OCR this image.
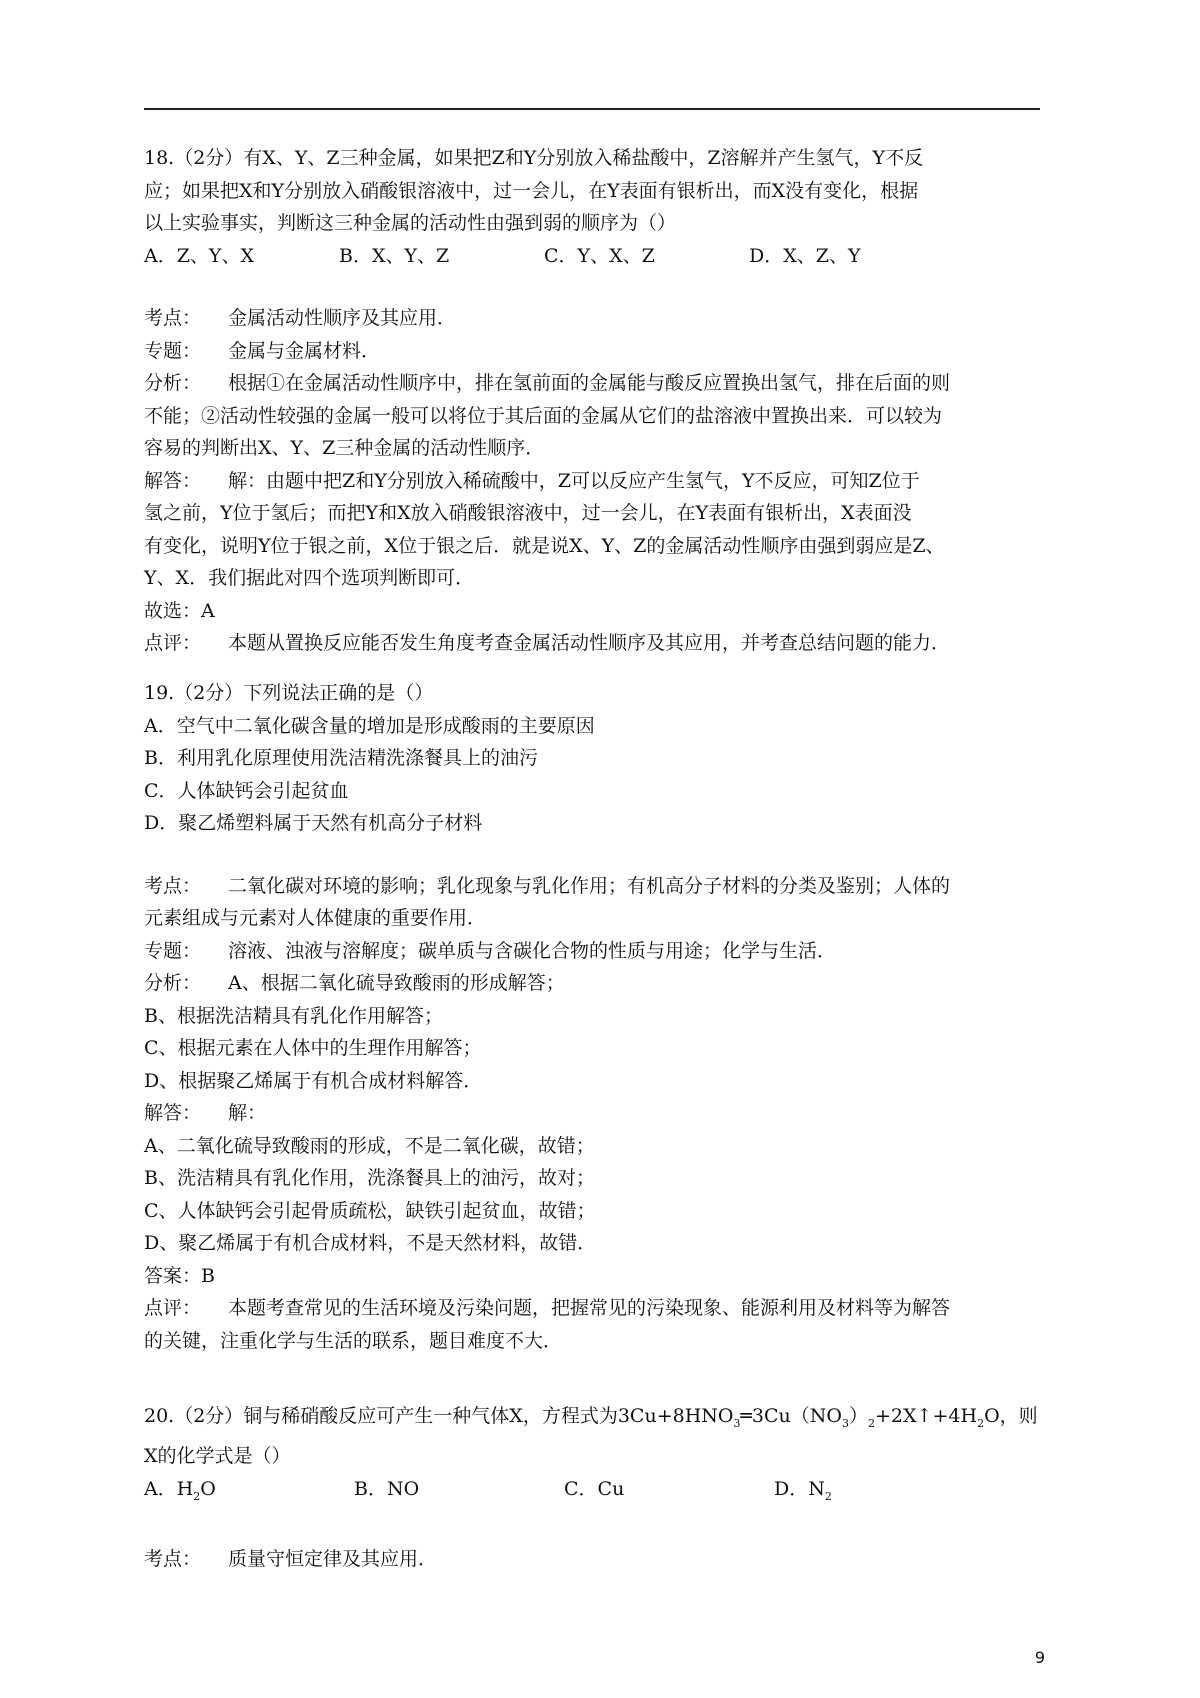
18.（2分）有X、Y、Z三种金属，如果把Z和Y分别放入稀盐酸中，Z溶解并产生氢气，Y不反

应；如果把X和Y分别放入硝酸银溶液中，过一会儿，在Y表面有银析出，而X没有变化，根据

以上实验事实，判断这三种金属的活动性由强到弱的顺序为（）

A．Z、Y、X	B．X、Y、Z	C．Y、X、Z	D．X、Z、Y

考点： 金属活动性顺序及其应用．

专题： 金属与金属材料．

分析： 根据①在金属活动性顺序中，排在氢前面的金属能与酸反应置换出氢气，排在后面的则

不能；②活动性较强的金属一般可以将位于其后面的金属从它们的盐溶液中置换出来．可以较为

容易的判断出X、Y、Z三种金属的活动性顺序．

解答： 解：由题中把Z和Y分别放入稀硫酸中，Z可以反应产生氢气，Y不反应，可知Z位于

氢之前，Y位于氢后；而把Y和X放入硝酸银溶液中，过一会儿，在Y表面有银析出，X表面没

有变化，说明Y位于银之前，X位于银之后．就是说X、Y、Z的金属活动性顺序由强到弱应是Z、

Y、X．我们据此对四个选项判断即可．

故选：A

点评： 本题从置换反应能否发生角度考查金属活动性顺序及其应用，并考查总结问题的能力．

19.（2分）下列说法正确的是（）

A．空气中二氧化碳含量的增加是形成酸雨的主要原因

B．利用乳化原理使用洗洁精洗涤餐具上的油污

C．人体缺钙会引起贫血

D．聚乙烯塑料属于天然有机高分子材料

考点： 二氧化碳对环境的影响；乳化现象与乳化作用；有机高分子材料的分类及鉴别；人体的

元素组成与元素对人体健康的重要作用．

专题： 溶液、浊液与溶解度；碳单质与含碳化合物的性质与用途；化学与生活．

分析： A、根据二氧化硫导致酸雨的形成解答；

B、根据洗洁精具有乳化作用解答；

C、根据元素在人体中的生理作用解答；

D、根据聚乙烯属于有机合成材料解答．

解答： 解：

A、二氧化硫导致酸雨的形成，不是二氧化碳，故错；

B、洗洁精具有乳化作用，洗涤餐具上的油污，故对；

C、人体缺钙会引起骨质疏松，缺铁引起贫血，故错；

D、聚乙烯属于有机合成材料，不是天然材料，故错．

答案：B

点评： 本题考查常见的生活环境及污染问题，把握常见的污染现象、能源利用及材料等为解答

的关键，注重化学与生活的联系，题目难度不大．

20.（2分）铜与稀硝酸反应可产生一种气体X，方程式为$3Cu+8HNO_3═3Cu(NO_3)_2+2X↑+4H_2O$，则

X的化学式是（）

A．$H_2O$	B．NO	C．Cu	D．$N_2$

考点： 质量守恒定律及其应用．

9
